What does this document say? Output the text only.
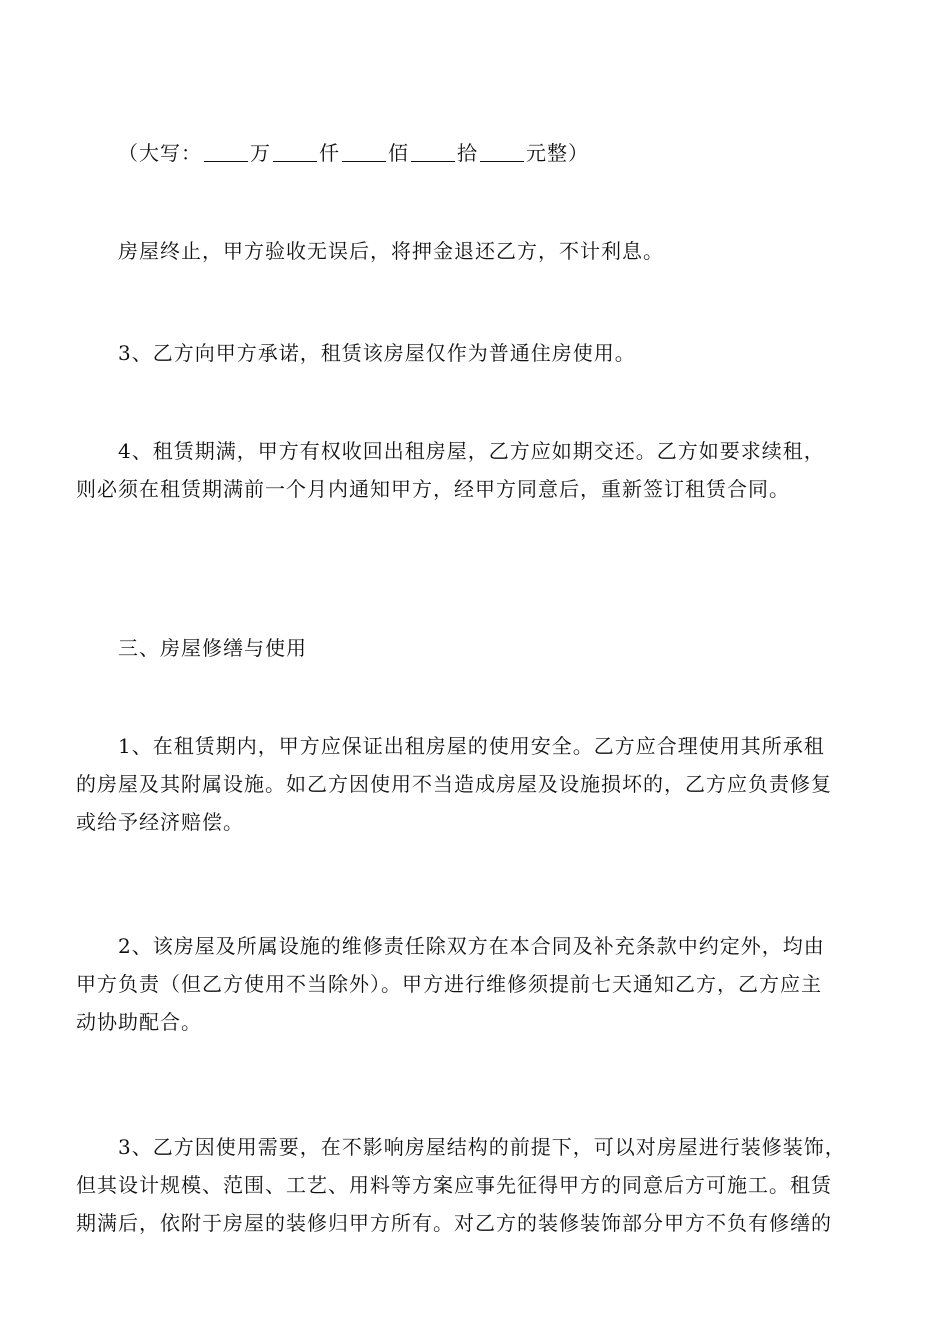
（大写： 万 仟 佰 拾 元整）

房屋终止，甲方验收无误后，将押金退还乙方，不计利息。

3、乙方向甲方承诺，租赁该房屋仅作为普通住房使用。

4、租赁期满，甲方有权收回出租房屋，乙方应如期交还。乙方如要求续租，
则必须在租赁期满前一个月内通知甲方，经甲方同意后，重新签订租赁合同。

三、房屋修缮与使用

1、在租赁期内，甲方应保证出租房屋的使用安全。乙方应合理使用其所承租
的房屋及其附属设施。如乙方因使用不当造成房屋及设施损坏的，乙方应负责修复
或给予经济赔偿。

2、该房屋及所属设施的维修责任除双方在本合同及补充条款中约定外，均由
甲方负责（但乙方使用不当除外）。甲方进行维修须提前七天通知乙方，乙方应主
动协助配合。

3、乙方因使用需要，在不影响房屋结构的前提下，可以对房屋进行装修装饰，
但其设计规模、范围、工艺、用料等方案应事先征得甲方的同意后方可施工。租赁
期满后，依附于房屋的装修归甲方所有。对乙方的装修装饰部分甲方不负有修缮的
